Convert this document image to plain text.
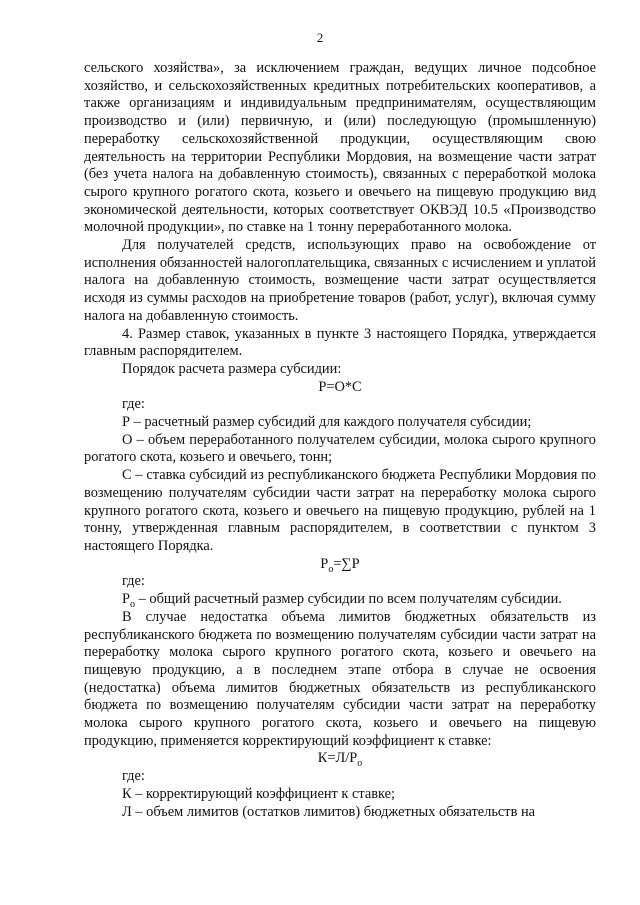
2

сельского хозяйства», за исключением граждан, ведущих личное подсобное хозяйство, и сельскохозяйственных кредитных потребительских кооперативов, а также организациям и индивидуальным предпринимателям, осуществляющим производство и (или) первичную, и (или) последующую (промышленную) переработку сельскохозяйственной продукции, осуществляющим свою деятельность на территории Республики Мордовия, на возмещение части затрат (без учета налога на добавленную стоимость), связанных с переработкой молока сырого крупного рогатого скота, козьего и овечьего на пищевую продукцию вид экономической деятельности, которых соответствует ОКВЭД 10.5 «Производство молочной продукции», по ставке на 1 тонну переработанного молока.

Для получателей средств, использующих право на освобождение от исполнения обязанностей налогоплательщика, связанных с исчислением и уплатой налога на добавленную стоимость, возмещение части затрат осуществляется исходя из суммы расходов на приобретение товаров (работ, услуг), включая сумму налога на добавленную стоимость.

4. Размер ставок, указанных в пункте 3 настоящего Порядка, утверждается главным распорядителем.

Порядок расчета размера субсидии:

Р=О*С

где:

Р – расчетный размер субсидий для каждого получателя субсидии;

О – объем переработанного получателем субсидии, молока сырого крупного рогатого скота, козьего и овечьего, тонн;

С – ставка субсидий из республиканского бюджета Республики Мордовия по возмещению получателям субсидии части затрат на переработку молока сырого крупного рогатого скота, козьего и овечьего на пищевую продукцию, рублей на 1 тонну, утвержденная главным распорядителем, в соответствии с пунктом 3 настоящего Порядка.

$Р_о=\sum Р$

где:

$Р_о$ – общий расчетный размер субсидии по всем получателям субсидии.

В случае недостатка объема лимитов бюджетных обязательств из республиканского бюджета по возмещению получателям субсидии части затрат на переработку молока сырого крупного рогатого скота, козьего и овечьего на пищевую продукцию, а в последнем этапе отбора в случае не освоения (недостатка) объема лимитов бюджетных обязательств из республиканского бюджета по возмещению получателям субсидии части затрат на переработку молока сырого крупного рогатого скота, козьего и овечьего на пищевую продукцию, применяется корректирующий коэффициент к ставке:

$К=Л/Р_о$

где:

К – корректирующий коэффициент к ставке;

Л – объем лимитов (остатков лимитов) бюджетных обязательств на
